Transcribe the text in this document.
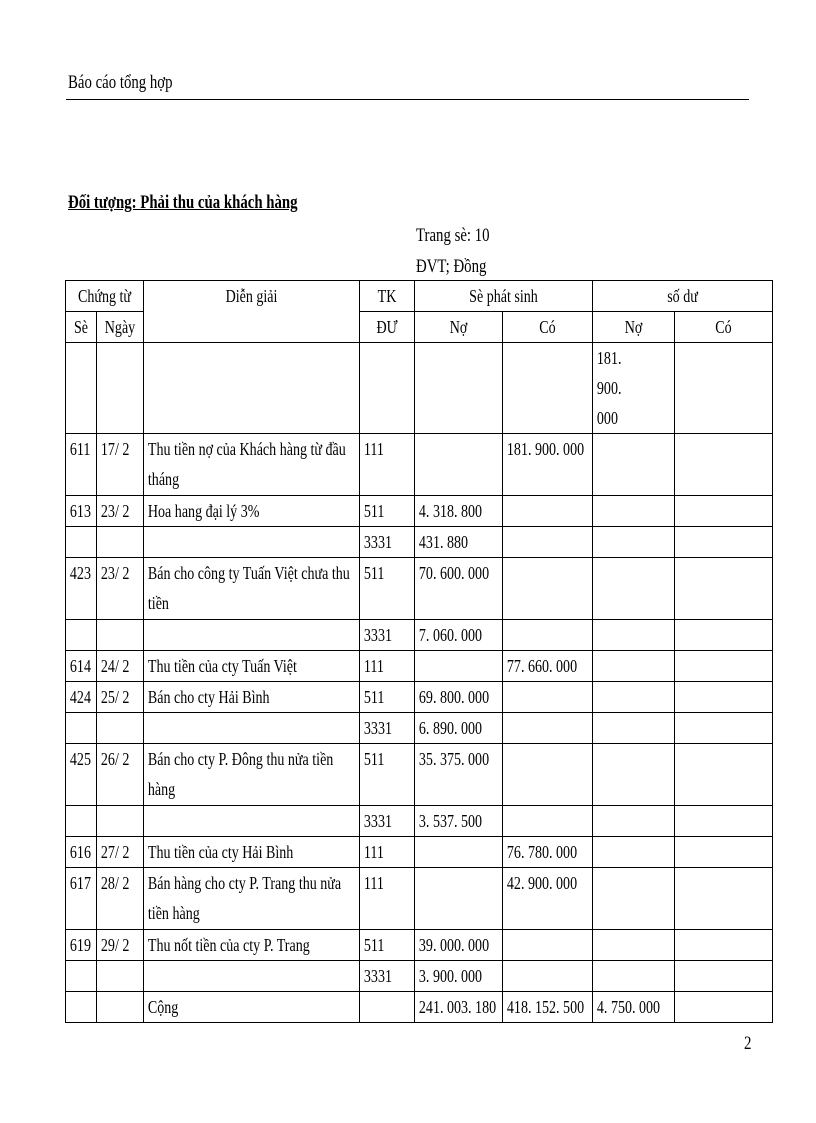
Báo cáo tổng hợp
Đối tượng: Phải thu của khách hàng
Trang sè: 10
ĐVT; Đồng
Chứng từ		Diễn giải	TK	Sè phát sinh		số dư	

Sè	Ngày		ĐƯ	Nợ	Có	Nợ	Có

						181. 900. 000	

611	17/ 2	Thu tiền nợ của Khách hàng từ đầu tháng	111		181. 900. 000		

613	23/ 2	Hoa hang đại lý 3%	511	4. 318. 800			

			3331	431. 880			

423	23/ 2	Bán cho công ty Tuấn Việt chưa thu tiền	511	70. 600. 000			

			3331	7. 060. 000			

614	24/ 2	Thu tiền của cty Tuấn Việt	111		77. 660. 000		

424	25/ 2	Bán cho cty Hải Bình	511	69. 800. 000			

			3331	6. 890. 000			

425	26/ 2	Bán cho cty P. Đông thu nửa tiền hàng	511	35. 375. 000			

			3331	3. 537. 500			

616	27/ 2	Thu tiền của cty Hải Bình	111		76. 780. 000		

617	28/ 2	Bán hàng cho cty P. Trang thu nửa tiền hàng	111		42. 900. 000		

619	29/ 2	Thu nốt tiền của cty P. Trang	511	39. 000. 000			

			3331	3. 900. 000			

		Cộng		241. 003. 180	418. 152. 500	4. 750. 000	

2
